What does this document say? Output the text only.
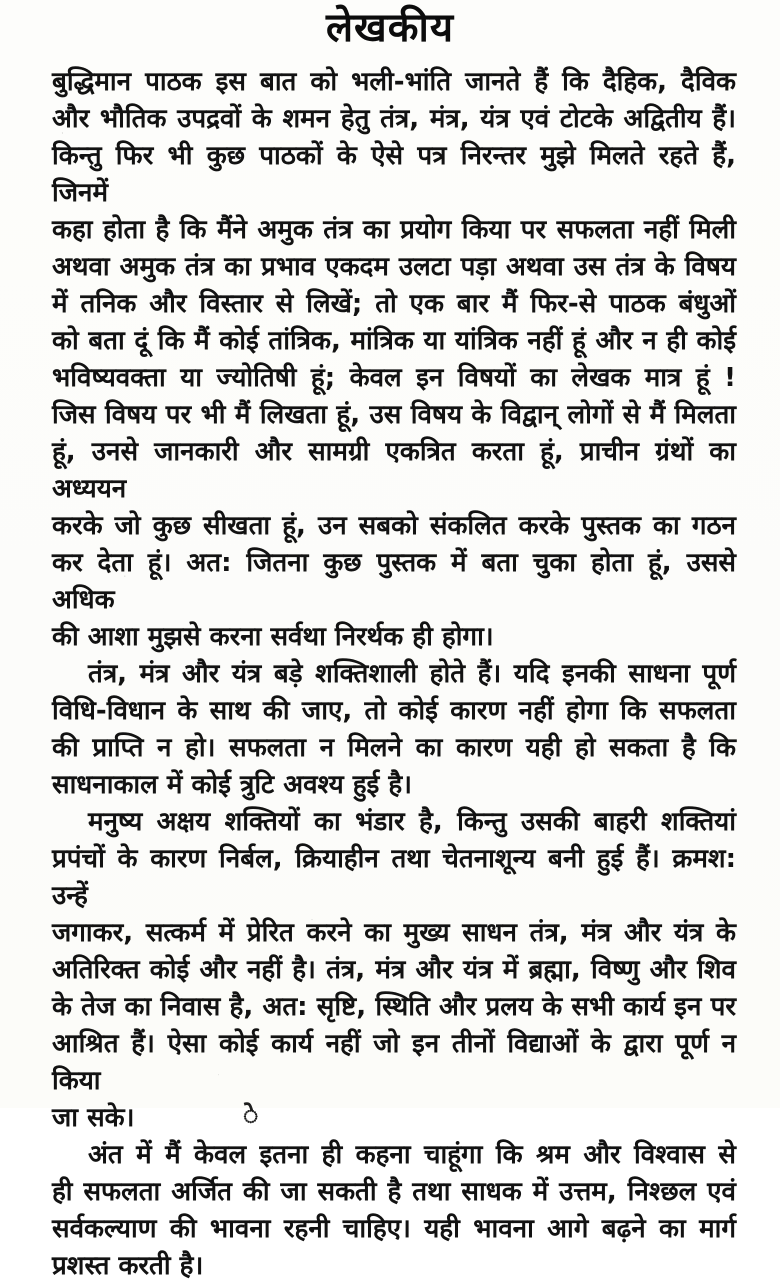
लेखकीय
बुद्धिमान पाठक इस बात को भली-भांति जानते हैं कि दैहिक, दैविक
और भौतिक उपद्रवों के शमन हेतु तंत्र, मंत्र, यंत्र एवं टोटके अद्वितीय हैं।
किन्तु फिर भी कुछ पाठकों के ऐसे पत्र निरन्तर मुझे मिलते रहते हैं, जिनमें
कहा होता है कि मैंने अमुक तंत्र का प्रयोग किया पर सफलता नहीं मिली
अथवा अमुक तंत्र का प्रभाव एकदम उलटा पड़ा अथवा उस तंत्र के विषय
में तनिक और विस्तार से लिखें; तो एक बार मैं फिर-से पाठक बंधुओं
को बता दूं कि मैं कोई तांत्रिक, मांत्रिक या यांत्रिक नहीं हूं और न ही कोई
भविष्यवक्ता या ज्योतिषी हूं; केवल इन विषयों का लेखक मात्र हूं !
जिस विषय पर भी मैं लिखता हूं, उस विषय के विद्वान् लोगों से मैं मिलता
हूं, उनसे जानकारी और सामग्री एकत्रित करता हूं, प्राचीन ग्रंथों का अध्ययन
करके जो कुछ सीखता हूं, उन सबको संकलित करके पुस्तक का गठन
कर देता हूं। अत: जितना कुछ पुस्तक में बता चुका होता हूं, उससे अधिक
की आशा मुझसे करना सर्वथा निरर्थक ही होगा।
तंत्र, मंत्र और यंत्र बड़े शक्तिशाली होते हैं। यदि इनकी साधना पूर्ण
विधि-विधान के साथ की जाए, तो कोई कारण नहीं होगा कि सफलता
की प्राप्ति न हो। सफलता न मिलने का कारण यही हो सकता है कि
साधनाकाल में कोई त्रुटि अवश्य हुई है।
मनुष्य अक्षय शक्तियों का भंडार है, किन्तु उसकी बाहरी शक्तियां
प्रपंचों के कारण निर्बल, क्रियाहीन तथा चेतनाशून्य बनी हुई हैं। क्रमश: उन्हें
जगाकर, सत्कर्म में प्रेरित करने का मुख्य साधन तंत्र, मंत्र और यंत्र के
अतिरिक्त कोई और नहीं है। तंत्र, मंत्र और यंत्र में ब्रह्मा, विष्णु और शिव
के तेज का निवास है, अत: सृष्टि, स्थिति और प्रलय के सभी कार्य इन पर
आश्रित हैं। ऐसा कोई कार्य नहीं जो इन तीनों विद्याओं के द्वारा पूर्ण न किया
जा सके।
अंत में मैं केवल इतना ही कहना चाहूंगा कि श्रम और विश्वास से
ही सफलता अर्जित की जा सकती है तथा साधक में उत्तम, निश्छल एवं
सर्वकल्याण की भावना रहनी चाहिए। यही भावना आगे बढ़ने का मार्ग
प्रशस्त करती है।
े
